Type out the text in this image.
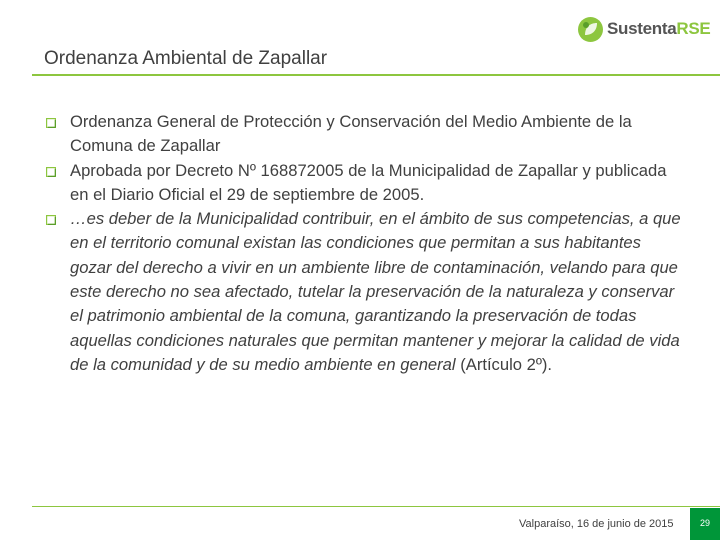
SustentaRSE
Ordenanza Ambiental de Zapallar
Ordenanza General de Protección y Conservación del Medio Ambiente de la Comuna de Zapallar
Aprobada por Decreto Nº 168872005 de la Municipalidad de Zapallar y publicada en el Diario Oficial el 29 de septiembre de 2005.
…es deber de la Municipalidad contribuir, en el ámbito de sus competencias, a que en el territorio comunal existan las condiciones que permitan a sus habitantes gozar del derecho a vivir en un ambiente libre de contaminación, velando para que este derecho no sea afectado, tutelar la preservación de la naturaleza y conservar el patrimonio ambiental de la comuna, garantizando la preservación de todas aquellas condiciones naturales que permitan mantener y mejorar la calidad de vida de la comunidad y de su medio ambiente en general (Artículo 2º).
Valparaíso, 16 de junio de 2015	29
